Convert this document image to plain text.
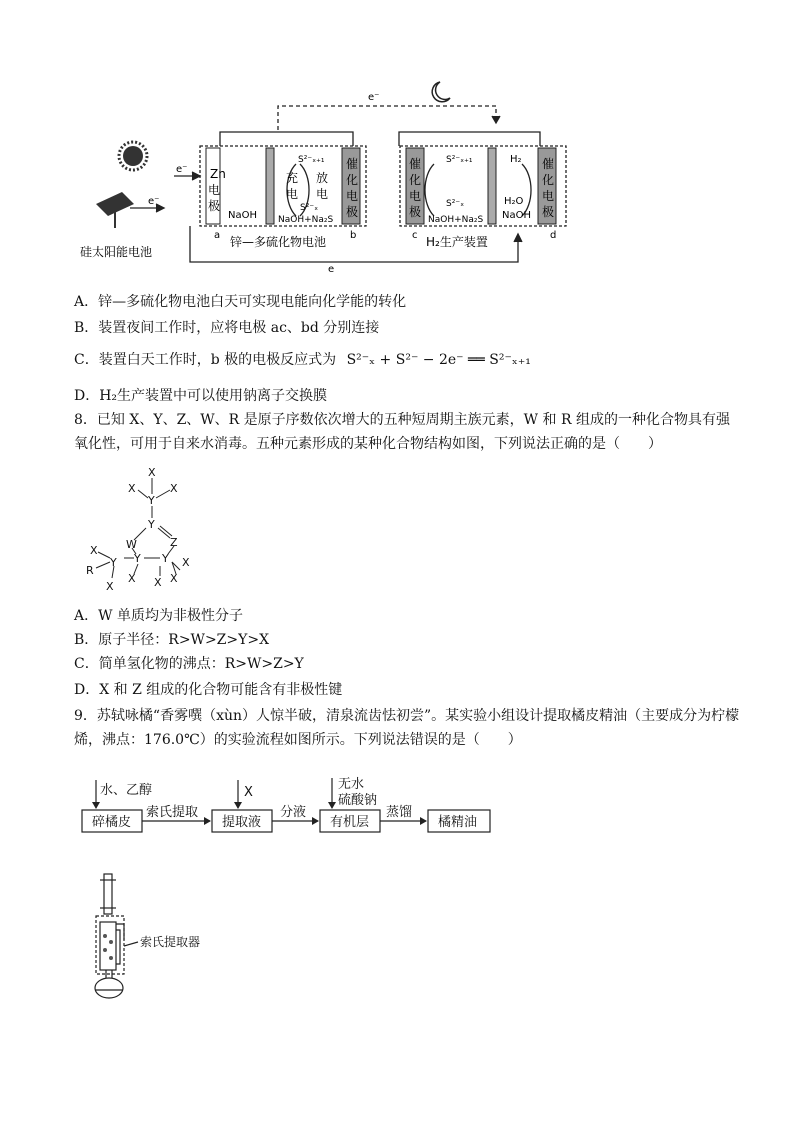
e⁻
e⁻
e⁻
e
Zn
电
极
NaOH
充
电
放
电
S²⁻ₓ₊₁
S²⁻ₓ
NaOH+Na₂S
催
化
电
极
催
化
电
极
S²⁻ₓ₊₁
S²⁻ₓ
NaOH+Na₂S
H₂
H₂O
NaOH
催
化
电
极
a	b	c	d
锌—多硫化物电池	H₂生产装置
硅太阳能电池
A．锌—多硫化物电池白天可实现电能向化学能的转化
B．装置夜间工作时，应将电极 ac、bd 分别连接
C．装置白天工作时，b 极的电极反应式为 S²⁻ₓ + S²⁻ − 2e⁻ ══ S²⁻ₓ₊₁
D．H₂生产装置中可以使用钠离子交换膜
8．已知 X、Y、Z、W、R 是原子序数依次增大的五种短周期主族元素，W 和 R 组成的一种化合物具有强
氧化性，可用于自来水消毒。五种元素形成的某种化合物结构如图，下列说法正确的是（　　）
X
X	X
Y
Y
W	Z
Y Y
Y
X
R
X
X
X
X
X
A．W 单质均为非极性分子
B．原子半径：R>W>Z>Y>X
C．简单氢化物的沸点：R>W>Z>Y
D．X 和 Z 组成的化合物可能含有非极性键
9．苏轼咏橘“香雾噀（xùn）人惊半破，清泉流齿怯初尝”。某实验小组设计提取橘皮精油（主要成分为柠檬
烯，沸点：176.0℃）的实验流程如图所示。下列说法错误的是（　　）
水、乙醇
碎橘皮
索氏提取
X
提取液
分液
无水
硫酸钠
有机层
蒸馏
橘精油
索氏提取器
